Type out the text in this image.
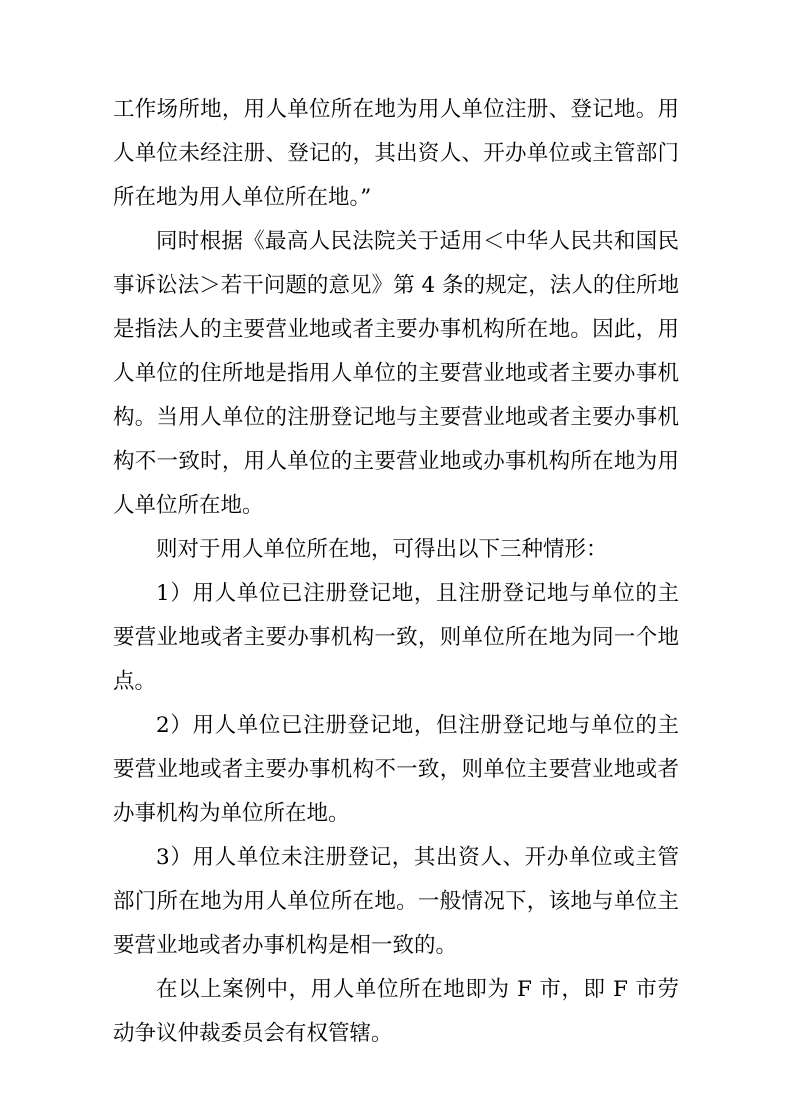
工作场所地，用人单位所在地为用人单位注册、登记地。用人单位未经注册、登记的，其出资人、开办单位或主管部门所在地为用人单位所在地。”

同时根据《最高人民法院关于适用＜中华人民共和国民事诉讼法＞若干问题的意见》第 4 条的规定，法人的住所地是指法人的主要营业地或者主要办事机构所在地。因此，用人单位的住所地是指用人单位的主要营业地或者主要办事机构。当用人单位的注册登记地与主要营业地或者主要办事机构不一致时，用人单位的主要营业地或办事机构所在地为用人单位所在地。

则对于用人单位所在地，可得出以下三种情形：

1）用人单位已注册登记地，且注册登记地与单位的主要营业地或者主要办事机构一致，则单位所在地为同一个地点。

2）用人单位已注册登记地，但注册登记地与单位的主要营业地或者主要办事机构不一致，则单位主要营业地或者办事机构为单位所在地。

3）用人单位未注册登记，其出资人、开办单位或主管部门所在地为用人单位所在地。一般情况下，该地与单位主要营业地或者办事机构是相一致的。

在以上案例中，用人单位所在地即为 F 市，即 F 市劳动争议仲裁委员会有权管辖。
